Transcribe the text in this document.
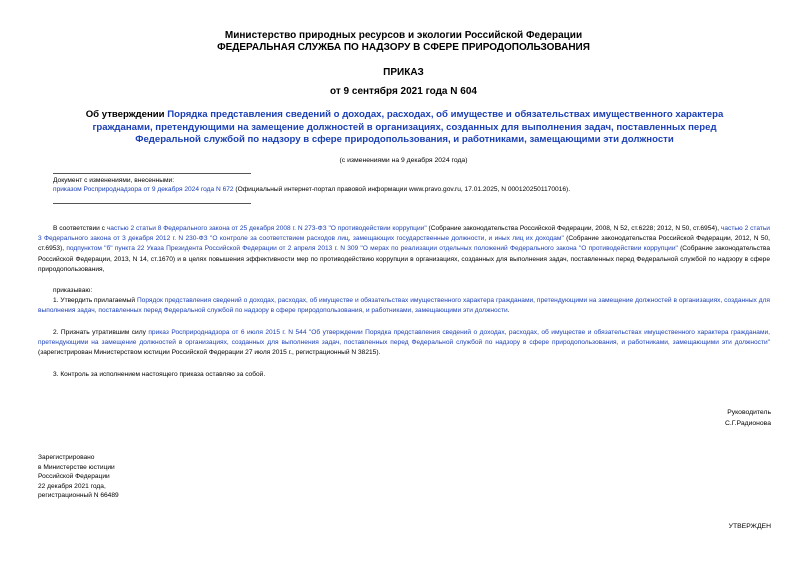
Министерство природных ресурсов и экологии Российской Федерации
ФЕДЕРАЛЬНАЯ СЛУЖБА ПО НАДЗОРУ В СФЕРЕ ПРИРОДОПОЛЬЗОВАНИЯ
ПРИКАЗ
от 9 сентября 2021 года N 604
Об утверждении Порядка представления сведений о доходах, расходах, об имуществе и обязательствах имущественного характера гражданами, претендующими на замещение должностей в организациях, созданных для выполнения задач, поставленных перед Федеральной службой по надзору в сфере природопользования, и работниками, замещающими эти должности
(с изменениями на 9 декабря 2024 года)
Документ с изменениями, внесенными:
приказом Росприроднадзора от 9 декабря 2024 года N 672 (Официальный интернет-портал правовой информации www.pravo.gov.ru, 17.01.2025, N 0001202501170016).
В соответствии с частью 2 статьи 8 Федерального закона от 25 декабря 2008 г. N 273-ФЗ "О противодействии коррупции" (Собрание законодательства Российской Федерации, 2008, N 52, ст.6228; 2012, N 50, ст.6954), частью 2 статьи 3 Федерального закона от 3 декабря 2012 г. N 230-ФЗ "О контроле за соответствием расходов лиц, замещающих государственные должности, и иных лиц их доходам" (Собрание законодательства Российской Федерации, 2012, N 50, ст.6953), подпунктом "б" пункта 22 Указа Президента Российской Федерации от 2 апреля 2013 г. N 309 "О мерах по реализации отдельных положений Федерального закона "О противодействии коррупции" (Собрание законодательства Российской Федерации, 2013, N 14, ст.1670) и в целях повышения эффективности мер по противодействию коррупции в организациях, созданных для выполнения задач, поставленных перед Федеральной службой по надзору в сфере природопользования,
приказываю:
1. Утвердить прилагаемый Порядок представления сведений о доходах, расходах, об имуществе и обязательствах имущественного характера гражданами, претендующими на замещение должностей в организациях, созданных для выполнения задач, поставленных перед Федеральной службой по надзору в сфере природопользования, и работниками, замещающими эти должности.
2. Признать утратившим силу приказ Росприроднадзора от 6 июля 2015 г. N 544 "Об утверждении Порядка представления сведений о доходах, расходах, об имуществе и обязательствах имущественного характера гражданами, претендующими на замещение должностей в организациях, созданных для выполнения задач, поставленных перед Федеральной службой по надзору в сфере природопользования, и работниками, замещающими эти должности" (зарегистрирован Министерством юстиции Российской Федерации 27 июля 2015 г., регистрационный N 38215).
3. Контроль за исполнением настоящего приказа оставляю за собой.
Руководитель
С.Г.Радионова
Зарегистрировано
в Министерстве юстиции
Российской Федерации
22 декабря 2021 года,
регистрационный N 66489
УТВЕРЖДЕН
